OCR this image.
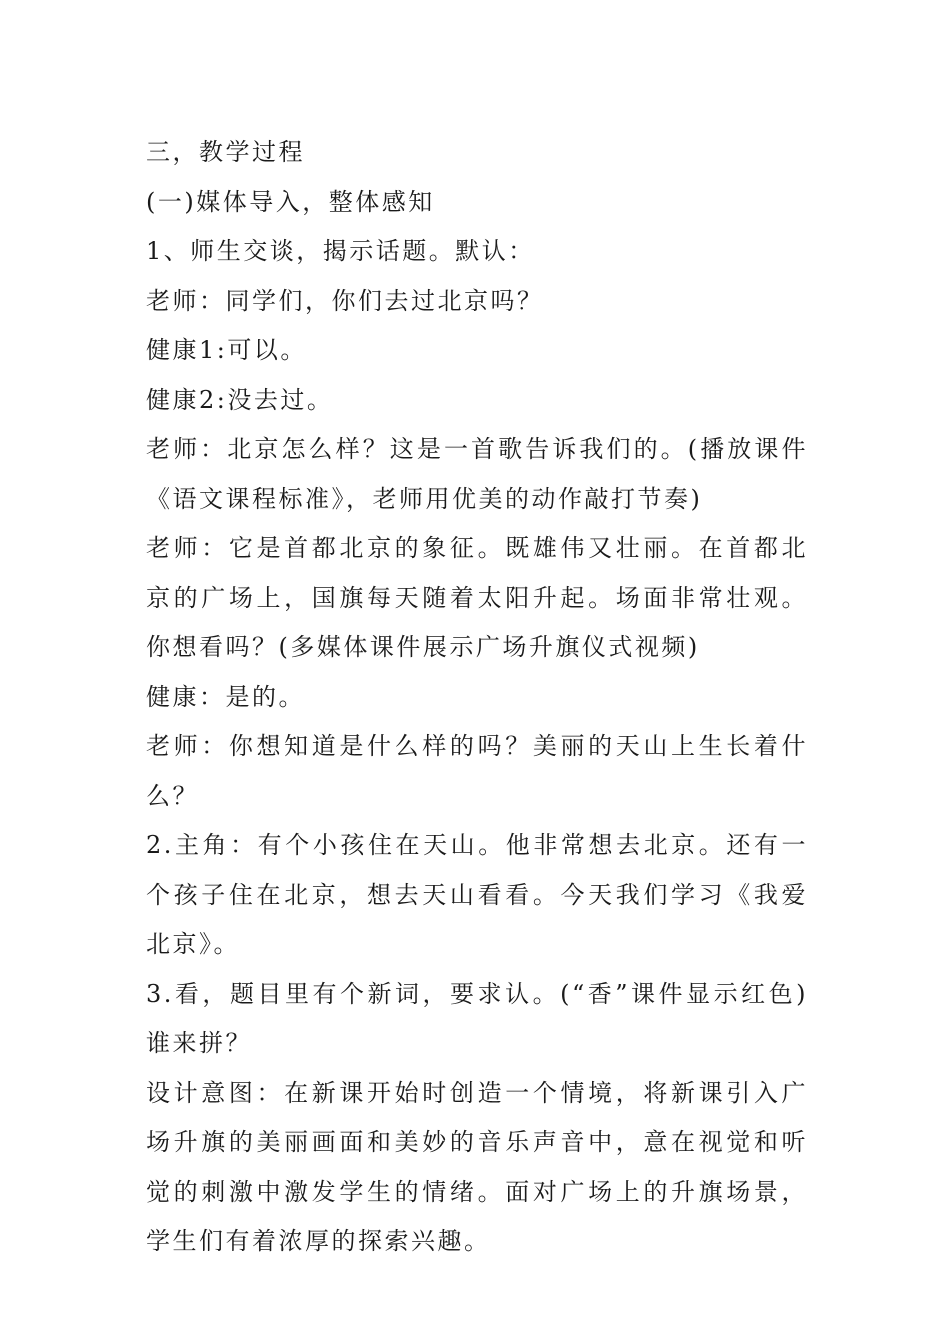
三，教学过程

(一)媒体导入，整体感知

1、师生交谈，揭示话题。默认：

老师：同学们，你们去过北京吗？

健康1:可以。

健康2:没去过。

老师：北京怎么样？这是一首歌告诉我们的。(播放课件《语文课程标准》，老师用优美的动作敲打节奏)

老师：它是首都北京的象征。既雄伟又壮丽。在首都北京的广场上，国旗每天随着太阳升起。场面非常壮观。你想看吗？(多媒体课件展示广场升旗仪式视频)

健康：是的。

老师：你想知道是什么样的吗？美丽的天山上生长着什么？

2.主角：有个小孩住在天山。他非常想去北京。还有一个孩子住在北京，想去天山看看。今天我们学习《我爱北京》。

3.看，题目里有个新词，要求认。(“香”课件显示红色)谁来拼？

设计意图：在新课开始时创造一个情境，将新课引入广场升旗的美丽画面和美妙的音乐声音中，意在视觉和听觉的刺激中激发学生的情绪。面对广场上的升旗场景，学生们有着浓厚的探索兴趣。
